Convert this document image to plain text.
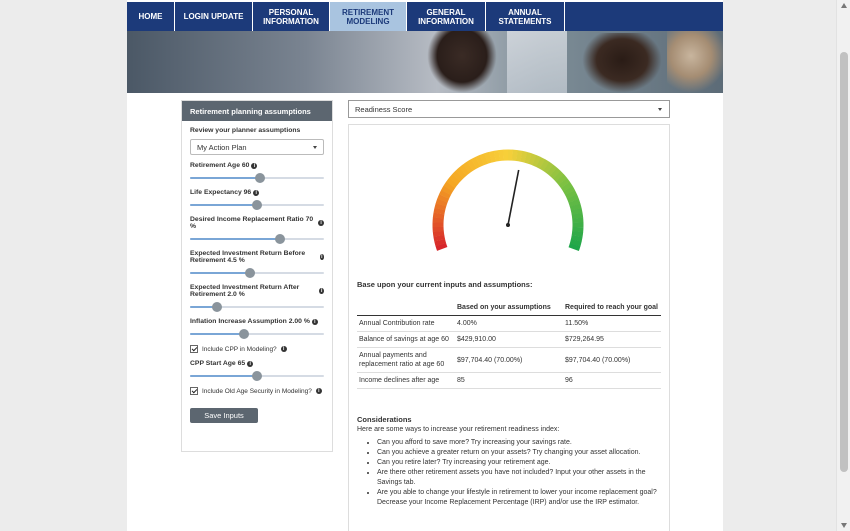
HOME	LOGIN UPDATE	PERSONAL
INFORMATION
RETIREMENT
MODELING
GENERAL
INFORMATION
ANNUAL
STATEMENTS
Retirement planning assumptions
Review your planner assumptions
My Action Plan
Retirement Age 60 i
Life Expectancy 96 i
Desired Income Replacement Ratio 70 %	i
Expected Investment Return Before Retirement 4.5 %	i
Expected Investment Return After Retirement 2.0 %	i
Inflation Increase Assumption 2.00 % i
Include CPP in Modeling?	i
CPP Start Age 65 i
Include Old Age Security in Modeling?	i
Save Inputs
Readiness Score
Base upon your current inputs and assumptions:
	Based on your assumptions	Required to reach your goal
Annual Contribution rate	4.00%	11.50%
Balance of savings at age 60	$429,910.00	$729,264.95
Annual payments and replacement ratio at age 60	$97,704.40 (70.00%)	$97,704.40 (70.00%)
Income declines after age	85	96
Considerations
Here are some ways to increase your retirement readiness index:
• Can you afford to save more? Try increasing your savings rate.
• Can you achieve a greater return on your assets? Try changing your asset allocation.
• Can you retire later? Try increasing your retirement age.
• Are there other retirement assets you have not included? Input your other assets in the Savings tab.
• Are you able to change your lifestyle in retirement to lower your income replacement goal? Decrease your Income Replacement Percentage (IRP) and/or use the IRP estimator.
